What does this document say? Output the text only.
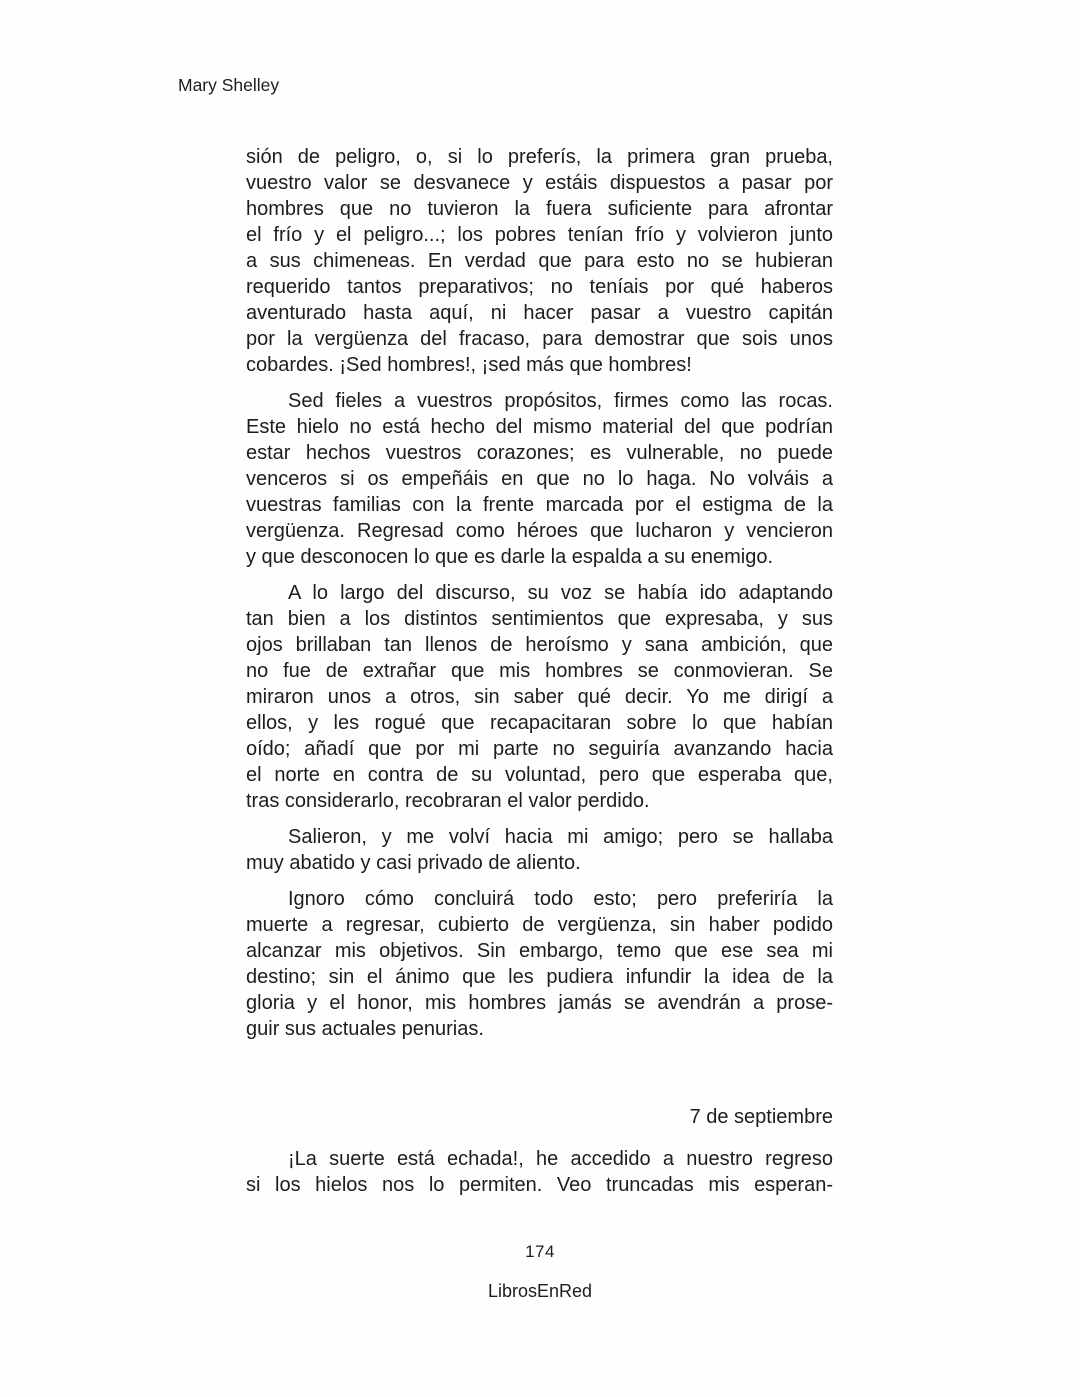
Mary Shelley

sión de peligro, o, si lo preferís, la primera gran prueba,
vuestro valor se desvanece y estáis dispuestos a pasar por
hombres que no tuvieron la fuera suficiente para afrontar
el frío y el peligro...; los pobres tenían frío y volvieron junto
a sus chimeneas. En verdad que para esto no se hubieran
requerido tantos preparativos; no teníais por qué haberos
aventurado hasta aquí, ni hacer pasar a vuestro capitán
por la vergüenza del fracaso, para demostrar que sois unos
cobardes. ¡Sed hombres!, ¡sed más que hombres!

Sed fieles a vuestros propósitos, firmes como las rocas.
Este hielo no está hecho del mismo material del que podrían
estar hechos vuestros corazones; es vulnerable, no puede
venceros si os empeñáis en que no lo haga. No volváis a
vuestras familias con la frente marcada por el estigma de la
vergüenza. Regresad como héroes que lucharon y vencieron
y que desconocen lo que es darle la espalda a su enemigo.

A lo largo del discurso, su voz se había ido adaptando
tan bien a los distintos sentimientos que expresaba, y sus
ojos brillaban tan llenos de heroísmo y sana ambición, que
no fue de extrañar que mis hombres se conmovieran. Se
miraron unos a otros, sin saber qué decir. Yo me dirigí a
ellos, y les rogué que recapacitaran sobre lo que habían
oído; añadí que por mi parte no seguiría avanzando hacia
el norte en contra de su voluntad, pero que esperaba que,
tras considerarlo, recobraran el valor perdido.

Salieron, y me volví hacia mi amigo; pero se hallaba
muy abatido y casi privado de aliento.

Ignoro cómo concluirá todo esto; pero preferiría la
muerte a regresar, cubierto de vergüenza, sin haber podido
alcanzar mis objetivos. Sin embargo, temo que ese sea mi
destino; sin el ánimo que les pudiera infundir la idea de la
gloria y el honor, mis hombres jamás se avendrán a prose-
guir sus actuales penurias.

7 de septiembre

¡La suerte está echada!, he accedido a nuestro regreso
si los hielos nos lo permiten. Veo truncadas mis esperan-

174
LibrosEnRed
